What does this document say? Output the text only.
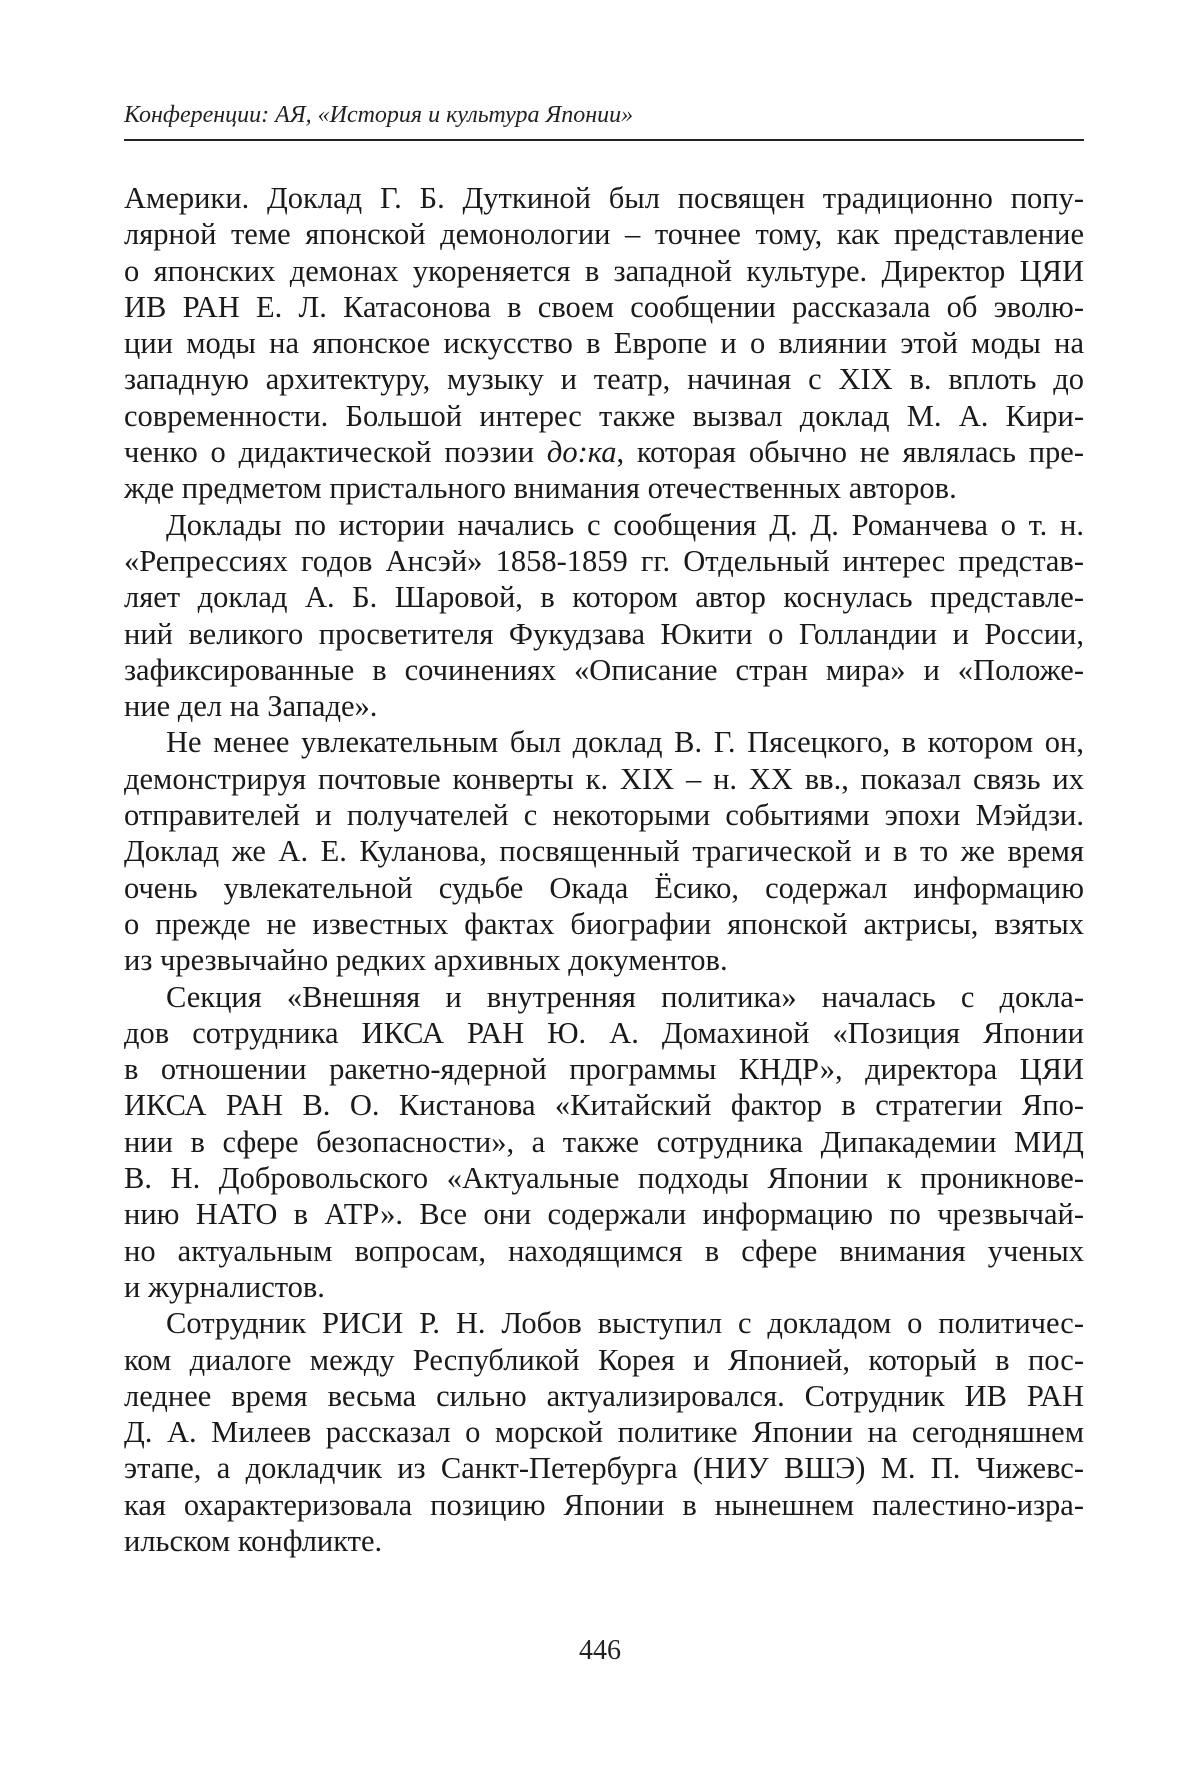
Конференции: АЯ, «История и культура Японии»

Америки. Доклад Г. Б. Дуткиной был посвящен традиционно попу-
лярной теме японской демонологии – точнее тому, как представление
о японских демонах укореняется в западной культуре. Директор ЦЯИ
ИВ РАН Е. Л. Катасонова в своем сообщении рассказала об эволю-
ции моды на японское искусство в Европе и о влиянии этой моды на
западную архитектуру, музыку и театр, начиная с XIX в. вплоть до
современности. Большой интерес также вызвал доклад М. А. Кири-
ченко о дидактической поэзии до:ка, которая обычно не являлась пре-
жде предметом пристального внимания отечественных авторов.

Доклады по истории начались с сообщения Д. Д. Романчева о т. н.
«Репрессиях годов Ансэй» 1858-1859 гг. Отдельный интерес представ-
ляет доклад А. Б. Шаровой, в котором автор коснулась представле-
ний великого просветителя Фукудзава Юкити о Голландии и России,
зафиксированные в сочинениях «Описание стран мира» и «Положе-
ние дел на Западе».

Не менее увлекательным был доклад В. Г. Пясецкого, в котором он,
демонстрируя почтовые конверты к. XIX – н. XX вв., показал связь их
отправителей и получателей с некоторыми событиями эпохи Мэйдзи.
Доклад же А. Е. Куланова, посвященный трагической и в то же время
очень увлекательной судьбе Окада Ёсико, содержал информацию
о прежде не известных фактах биографии японской актрисы, взятых
из чрезвычайно редких архивных документов.

Секция «Внешняя и внутренняя политика» началась с докла-
дов сотрудника ИКСА РАН Ю. А. Домахиной «Позиция Японии
в отношении ракетно-ядерной программы КНДР», директора ЦЯИ
ИКСА РАН В. О. Кистанова «Китайский фактор в стратегии Япо-
нии в сфере безопасности», а также сотрудника Дипакадемии МИД
В. Н. Добровольского «Актуальные подходы Японии к проникнове-
нию НАТО в АТР». Все они содержали информацию по чрезвычай-
но актуальным вопросам, находящимся в сфере внимания ученых
и журналистов.

Сотрудник РИСИ Р. Н. Лобов выступил с докладом о политичес-
ком диалоге между Республикой Корея и Японией, который в пос-
леднее время весьма сильно актуализировался. Сотрудник ИВ РАН
Д. А. Милеев рассказал о морской политике Японии на сегодняшнем
этапе, а докладчик из Санкт-Петербурга (НИУ ВШЭ) М. П. Чижевс-
кая охарактеризовала позицию Японии в нынешнем палестино-изра-
ильском конфликте.

446
